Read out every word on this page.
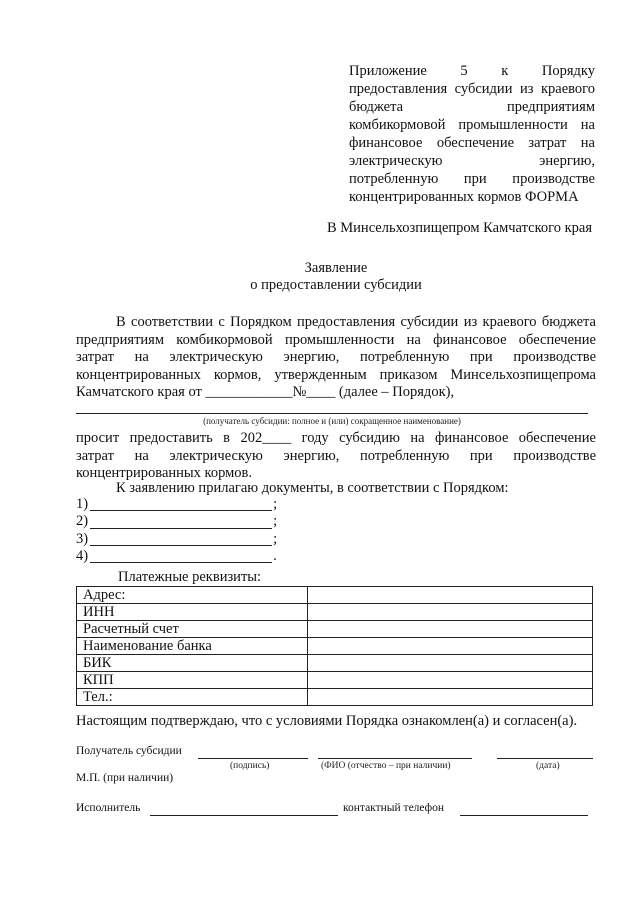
Приложение 5 к Порядку
предоставления субсидии из краевого
бюджета предприятиям
комбикормовой промышленности на
финансовое обеспечение затрат на
электрическую энергию,
потребленную при производстве
концентрированных кормов ФОРМА
В Минсельхозпищепром Камчатского края
Заявление
о предоставлении субсидии
В соответствии с Порядком предоставления субсидии из краевого бюджета
предприятиям комбикормовой промышленности на финансовое обеспечение
затрат на электрическую энергию, потребленную при производстве
концентрированных кормов, утвержденным приказом Минсельхозпищепрома
Камчатского края от ____________№____ (далее – Порядок),
(получатель субсидии: полное и (или) сокращенное наименование)
просит предоставить в 202____ году субсидию на финансовое обеспечение
затрат на электрическую энергию, потребленную при производстве
концентрированных кормов.
К заявлению прилагаю документы, в соответствии с Порядком:
1)	;
2)	;
3)	;
4)	.
Платежные реквизиты:
Адрес:	
ИНН	
Расчетный счет	
Наименование банка	
БИК	
КПП	
Тел.:	
Настоящим подтверждаю, что с условиями Порядка ознакомлен(а) и согласен(а).
Получатель субсидии
(подпись)	(ФИО (отчество – при наличии)	(дата)
М.П. (при наличии)
Исполнитель	контактный телефон
